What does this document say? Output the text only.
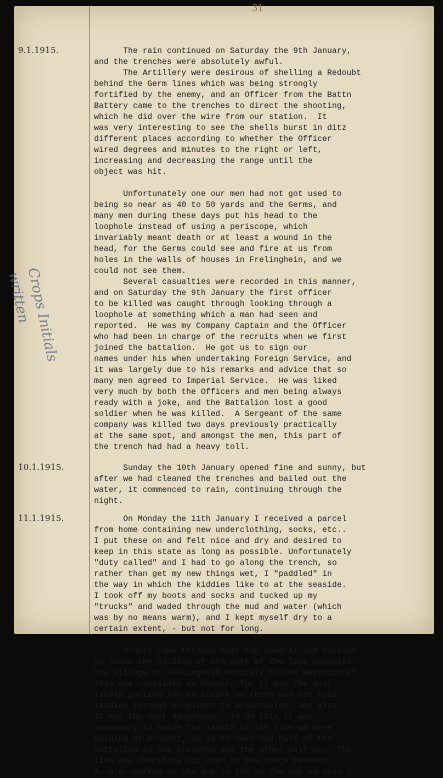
31
9.1.1915.	The rain continued on Saturday the 9th January,
and the trenches were absolutely awful.
The Artillery were desirous of shelling a Redoubt
behind the Germ lines which was being strongly
fortified by the enemy, and an Officer from the Battn
Battery came to the trenches to direct the shooting,
which he did over the wire from our station.  It
was very interesting to see the shells burst in ditz
different places according to whether the Officer
wired degrees and minutes to the right or left,
increasing and decreasing the range until the
object was hit.

Unfortunately one our men had not got used to
being so near as 40 to 50 yards and the Germs, and
many men during these days put his head to the
loophole instead of using a periscope, which
invariably meant death or at least a wound in the
head, for the Germs could see and fire at us from
holes in the walls of houses in Frelinghein, and we
could not see them.
Several casualties were recorded in this manner,
and on Saturday the 9th January the first officer
to be killed was caught through looking through a
loophole at something which a man had seen and
reported.  He was my Company Captain and the Officer
who had been in charge of the recruits when we first
joined the battalion.  He got us to sign our
names under his when undertaking Foreign Service, and
it was largely due to his remarks and advice that so
many men agreed to Imperial Service.  He was liked
very much by both the Officers and men being always
ready with a joke, and the Battalion lost a good
soldier when he was killed.  A Sergeant of the same
company was killed two days previously practically
at the same spot, and amongst the men, this part of
the trench had had a heavy toll.
10.1.1915.	Sunday the 10th January opened fine and sunny, but
after we had cleaned the trenches and bailed out the
water, it commenced to rain, continuing through the
night.
11.1.1915.	On Monday the 11th January I received a parcel
from home containing new underclothing, socks, etc..
I put these on and felt nice and dry and desired to
keep in this state as long as possible. Unfortunately
"duty called" and I had to go along the trench, so
rather than get my new things wet, I "paddled" in
the way in which the kiddies like to at the seaside.
I took off my boots and socks and tucked up my
"trucks" and waded through the mud and water (which
was by no means warm), and I kept myself dry to a
certain extent, - but not for long.

Orders came through that the General had decided
to leave the holding of the part of the line opposite
the village of Frelinghein entirely to the Westminster
This was certainly an honour, for it was the most
likely portion for an attack as there was the road
leading through Houplines to Armentieres, and also
it was the most dangerous.  To do this it was
necessary to halve the length of the line we were
holding at present, so as to have one half of the
battalion in the trenches and the other half out. The
line was therefore cut down to the space between
A. & B. marked on the map in ink on the map on page 3
Crops Initials written
